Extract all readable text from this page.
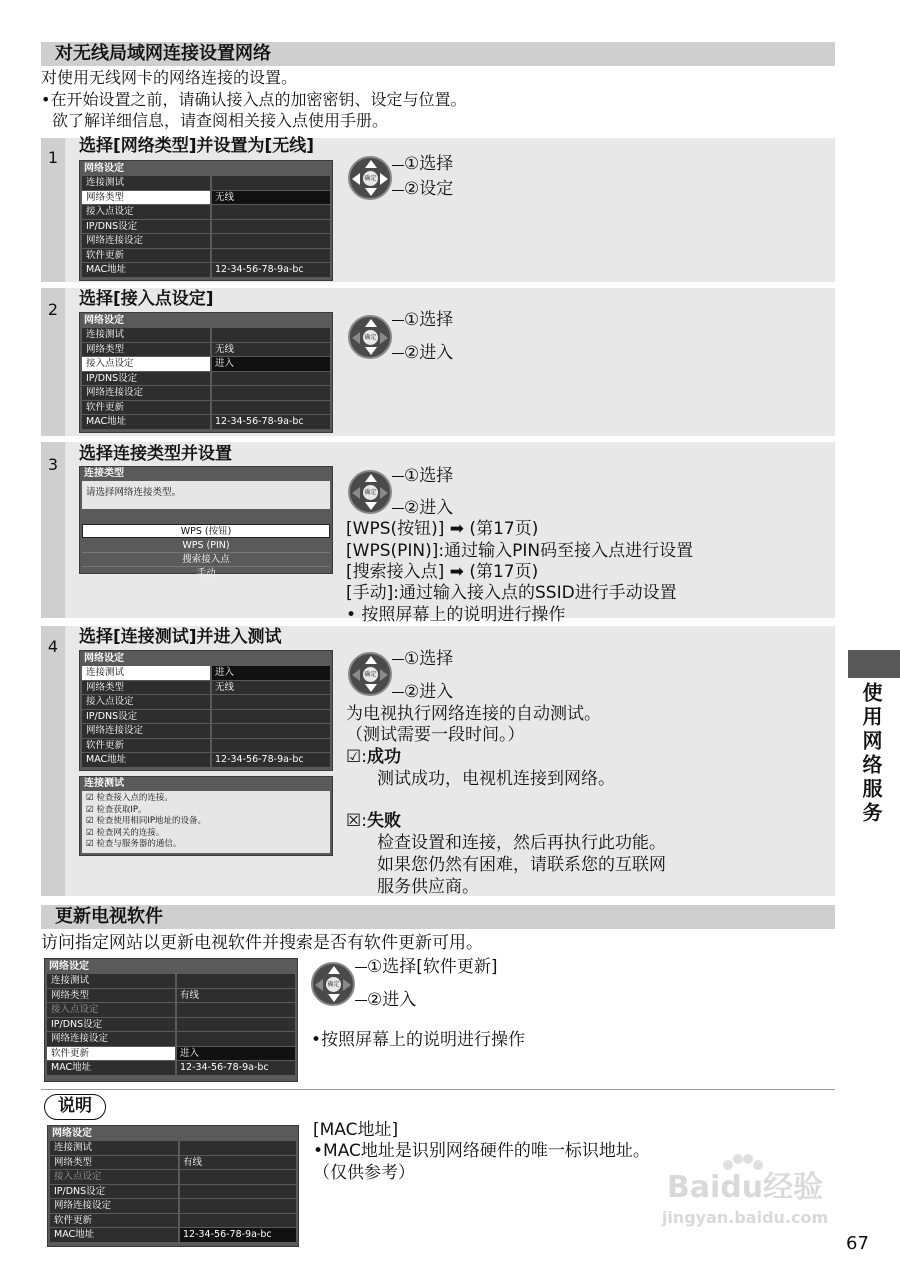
对无线局域网连接设置网络
对使用无线网卡的网络连接的设置。
•在开始设置之前，请确认接入点的加密密钥、设定与位置。
欲了解详细信息，请查阅相关接入点使用手册。
1
选择[网络类型]并设置为[无线]
网络设定
连接测试
网络类型	无线
接入点设定
IP/DNS设定
网络连接设定
软件更新
MAC地址	12-34-56-78-9a-bc
确定
①选择
②设定
2
选择[接入点设定]
网络设定
连接测试
网络类型	无线
接入点设定	进入
IP/DNS设定
网络连接设定
软件更新
MAC地址	12-34-56-78-9a-bc
确定
①选择
②进入
3
选择连接类型并设置
连接类型
请选择网络连接类型。
WPS (按钮)
WPS (PIN)
搜索接入点
手动
确定
①选择
②进入
[WPS(按钮)] ➡ (第17页)
[WPS(PIN)]:通过输入PIN码至接入点进行设置
[搜索接入点] ➡ (第17页)
[手动]:通过输入接入点的SSID进行手动设置
• 按照屏幕上的说明进行操作
4	选择[连接测试]并进入测试
网络设定
连接测试	进入
网络类型	无线
接入点设定
IP/DNS设定
网络连接设定
软件更新
MAC地址	12-34-56-78-9a-bc
连接测试
☑ 检查接入点的连接。
☑ 检查获取IP。
☑ 检查使用相同IP地址的设备。
☑ 检查网关的连接。
☑ 检查与服务器的通信。
确定
①选择
②进入
为电视执行网络连接的自动测试。
（测试需要一段时间。）
☑:成功
测试成功，电视机连接到网络。
☒:失败
检查设置和连接，然后再执行此功能。
如果您仍然有困难，请联系您的互联网
服务供应商。
更新电视软件
访问指定网站以更新电视软件并搜索是否有软件更新可用。
网络设定
连接测试
网络类型	有线
接入点设定
IP/DNS设定
网络连接设定
软件更新	进入
MAC地址	12-34-56-78-9a-bc
确定
①选择[软件更新]
②进入
•按照屏幕上的说明进行操作
说明
网络设定
连接测试
网络类型	有线
接入点设定
IP/DNS设定
网络连接设定
软件更新
MAC地址	12-34-56-78-9a-bc
[MAC地址]
•MAC地址是识别网络硬件的唯一标识地址。
（仅供参考）
使用网络服务
Baidu经验
jingyan.baidu.com
67
